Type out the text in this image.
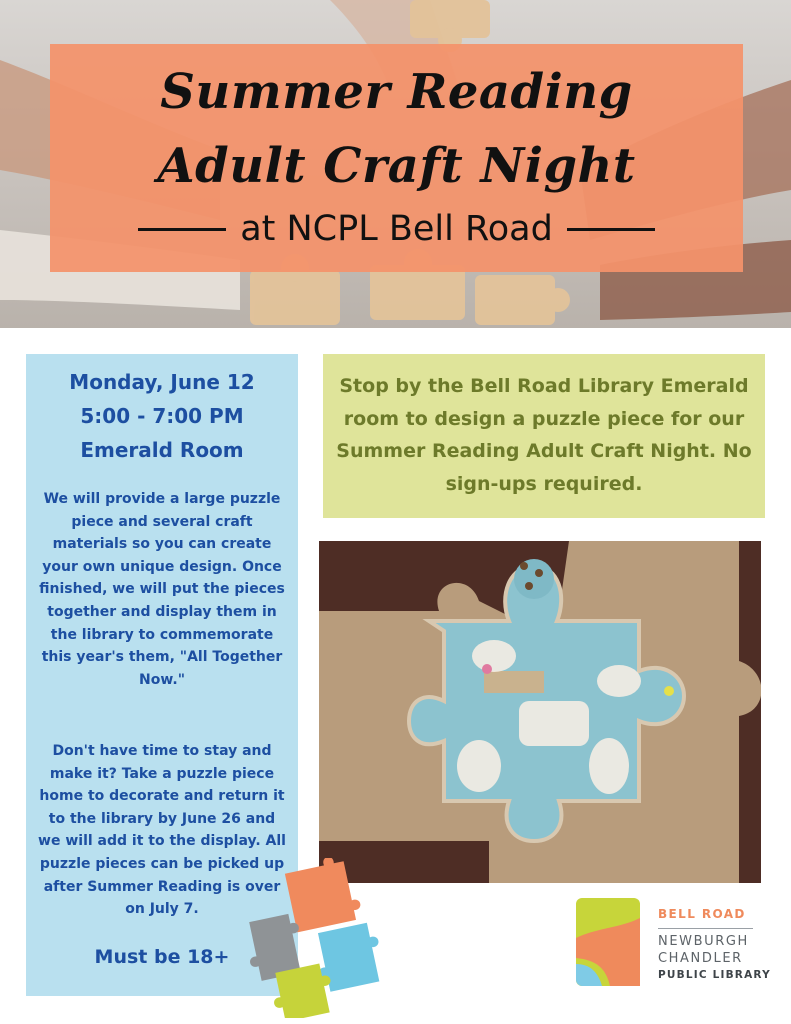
Summer Reading
Adult Craft Night
at NCPL Bell Road
Monday, June 12
5:00 - 7:00 PM
Emerald Room
We will provide a large puzzle piece and several craft materials so you can create your own unique design. Once finished, we will put the pieces together and display them in the library to commemorate this year's them, "All Together Now."
Don't have time to stay and make it? Take a puzzle piece home to decorate and return it to the library by June 26 and we will add it to the display. All puzzle pieces can be picked up after Summer Reading is over on July 7.
Must be 18+
Stop by the Bell Road Library Emerald room to design a puzzle piece for our Summer Reading Adult Craft Night. No sign-ups required.
BELL ROAD
NEWBURGH
CHANDLER
PUBLIC LIBRARY
